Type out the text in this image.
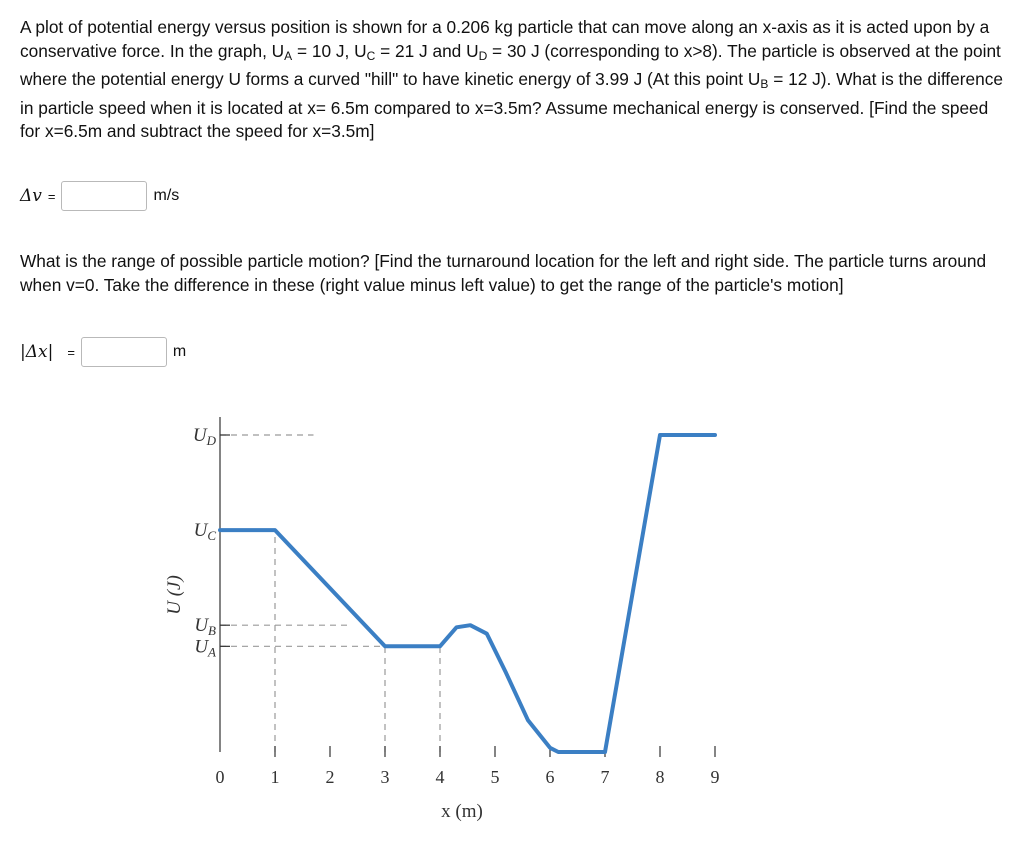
A plot of potential energy versus position is shown for a 0.206 kg particle that can move along an x-axis as it is acted upon by a conservative force. In the graph, $U_A = 10$ J, $U_C = 21$ J and $U_D = 30$ J (corresponding to x>8). The particle is observed at the point where the potential energy U forms a curved "hill" to have kinetic energy of 3.99 J (At this point $U_B = 12$ J). What is the difference in particle speed when it is located at x= 6.5m compared to x=3.5m? Assume mechanical energy is conserved. [Find the speed for x=6.5m and subtract the speed for x=3.5m]
Δv =	m/s
What is the range of possible particle motion? [Find the turnaround location for the left and right side. The particle turns around when v=0. Take the difference in these (right value minus left value) to get the range of the particle's motion]
|Δx| =	m
$U_D$
$U_C$
$U_B$
$U_A$
0	1	2	3	4	5	6	7	8	9
U (J)
x (m)
